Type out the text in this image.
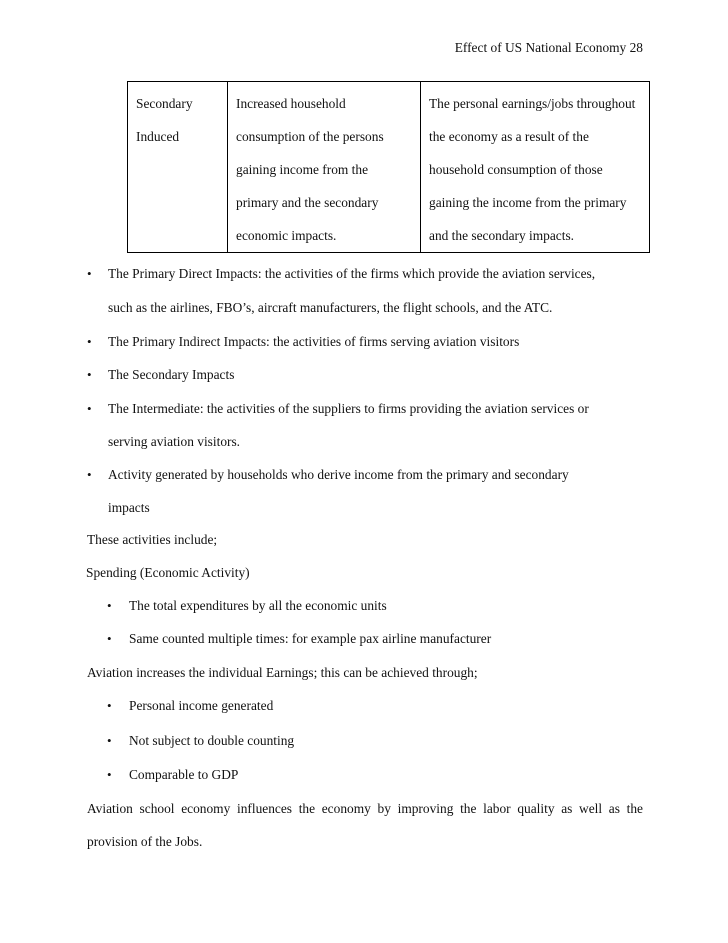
Effect of US National Economy 28
Secondary
Induced

Increased household
consumption of the persons
gaining income from the
primary and the secondary
economic impacts.

The personal earnings/jobs throughout
the economy as a result of the
household consumption of those
gaining the income from the primary
and the secondary impacts.
• The Primary Direct Impacts: the activities of the firms which provide the aviation services,
such as the airlines, FBO’s, aircraft manufacturers, the flight schools, and the ATC.
• The Primary Indirect Impacts: the activities of firms serving aviation visitors
• The Secondary Impacts
• The Intermediate: the activities of the suppliers to firms providing the aviation services or
serving aviation visitors.
• Activity generated by households who derive income from the primary and secondary
impacts
These activities include;
Spending (Economic Activity)
• The total expenditures by all the economic units
• Same counted multiple times: for example pax airline manufacturer
Aviation increases the individual Earnings; this can be achieved through;
• Personal income generated
• Not subject to double counting
• Comparable to GDP
Aviation school economy influences the economy by improving the labor quality as well as the
provision of the Jobs.
